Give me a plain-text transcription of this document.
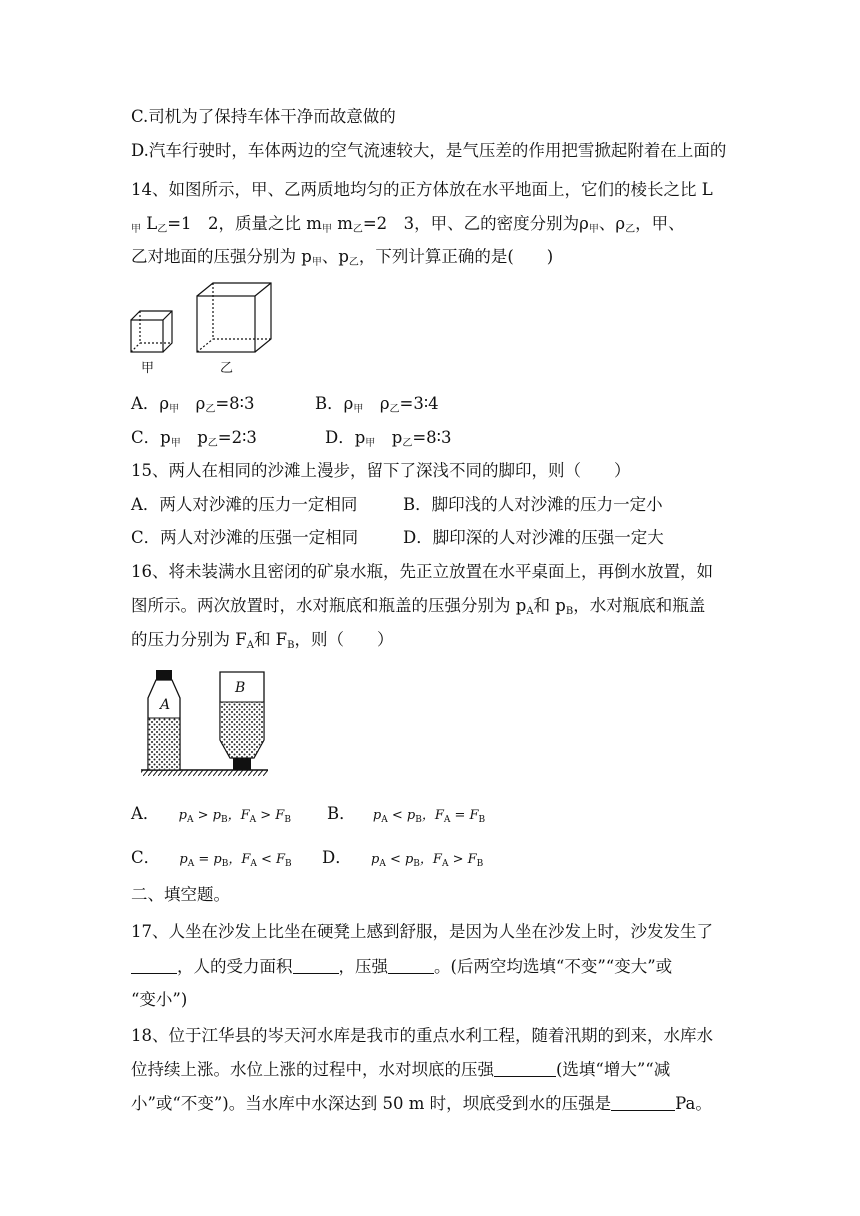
C.司机为了保持车体干净而故意做的
D.汽车行驶时，车体两边的空气流速较大，是气压差的作用把雪掀起附着在上面的
14、如图所示，甲、乙两质地均匀的正方体放在水平地面上，它们的棱长之比 L
$_甲$ $L_乙=1$　2，质量之比 $m_甲$ $m_乙=2$　3，甲、乙的密度分别为$\rho_甲$、$\rho_乙$，甲、
乙对地面的压强分别为 $p_甲$、$p_乙$，下列计算正确的是(　　)
甲	乙
A．$\rho_甲$　 $\rho_乙=8∶3$	B．$\rho_甲$　 $\rho_乙=3∶4$
C．$p_甲$　 $p_乙=2∶3$	D．$p_甲$　 $p_乙=8∶3$
15、两人在相同的沙滩上漫步，留下了深浅不同的脚印，则（　　）
A．两人对沙滩的压力一定相同	B．脚印浅的人对沙滩的压力一定小
C．两人对沙滩的压强一定相同	D．脚印深的人对沙滩的压强一定大
16、将未装满水且密闭的矿泉水瓶，先正立放置在水平桌面上，再倒水放置，如
图所示。两次放置时，水对瓶底和瓶盖的压强分别为 $p_A$和 $p_B$，水对瓶底和瓶盖
的压力分别为 $F_A$和 $F_B$，则（　　）
A
B
A． $p_A > p_B$，$F_A > F_B$ B． $p_A < p_B$，$F_A = F_B$
C． $p_A = p_B$，$F_A < F_B$ D． $p_A < p_B$，$F_A > F_B$
二、填空题。
17、人坐在沙发上比坐在硬凳上感到舒服，是因为人坐在沙发上时，沙发发生了
，人的受力面积	，压强	。(后两空均选填“不变”“变大”或
“变小”)
18、位于江华县的岑天河水库是我市的重点水利工程，随着汛期的到来，水库水
位持续上涨。水位上涨的过程中，水对坝底的压强	(选填“增大”“减
小”或“不变”)。当水库中水深达到 50 m 时，坝底受到水的压强是	Pa。
